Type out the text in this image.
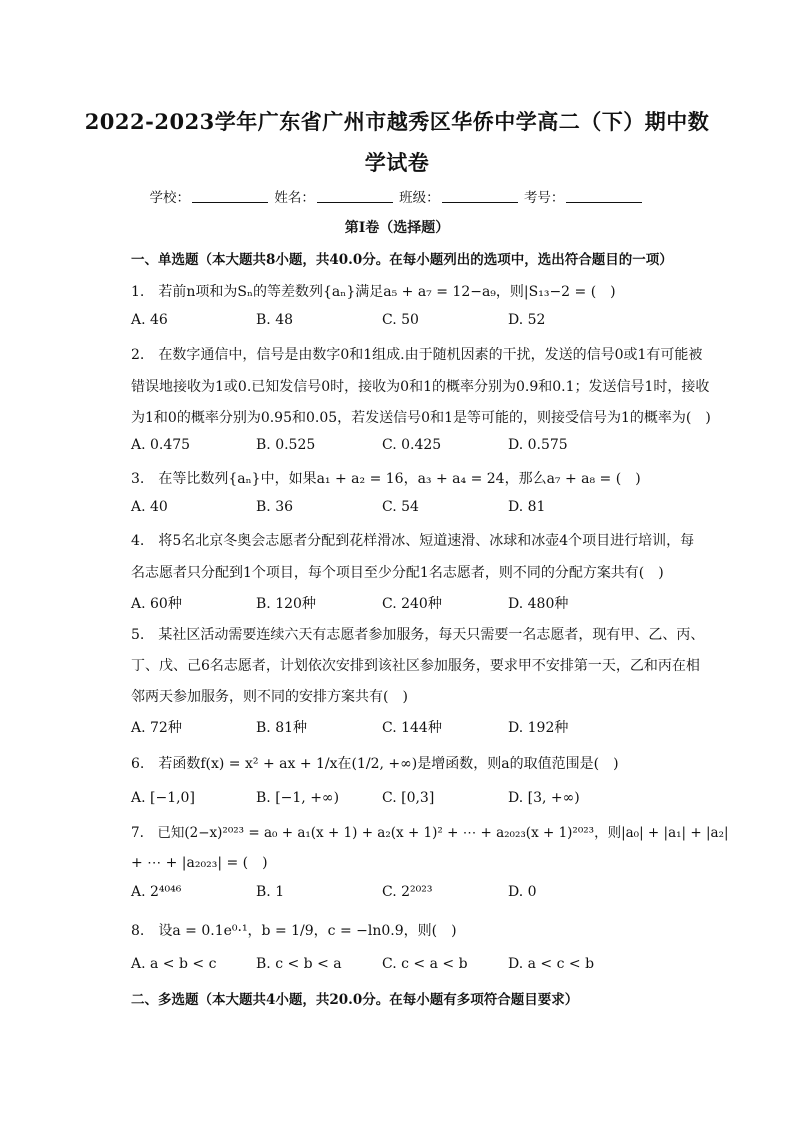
2022-2023学年广东省广州市越秀区华侨中学高二（下）期中数
学试卷
学校：	姓名：	班级：	考号：
第I卷（选择题）
一、单选题（本大题共8小题，共40.0分。在每小题列出的选项中，选出符合题目的一项）
1.　若前n项和为Sₙ的等差数列{aₙ}满足a₅ + a₇ = 12−a₉，则|S₁₃−2 = (　)
A. 46	B. 48	C. 50	D. 52
2.　在数字通信中，信号是由数字0和1组成.由于随机因素的干扰，发送的信号0或1有可能被
错误地接收为1或0.已知发信号0时，接收为0和1的概率分别为0.9和0.1；发送信号1时，接收
为1和0的概率分别为0.95和0.05，若发送信号0和1是等可能的，则接受信号为1的概率为(　)
A. 0.475	B. 0.525	C. 0.425	D. 0.575
3.　在等比数列{aₙ}中，如果a₁ + a₂ = 16，a₃ + a₄ = 24，那么a₇ + a₈ = (　)
A. 40	B. 36	C. 54	D. 81
4.　将5名北京冬奥会志愿者分配到花样滑冰、短道速滑、冰球和冰壶4个项目进行培训，每
名志愿者只分配到1个项目，每个项目至少分配1名志愿者，则不同的分配方案共有(　)
A. 60种	B. 120种	C. 240种	D. 480种
5.　某社区活动需要连续六天有志愿者参加服务，每天只需要一名志愿者，现有甲、乙、丙、
丁、戊、己6名志愿者，计划依次安排到该社区参加服务，要求甲不安排第一天，乙和丙在相
邻两天参加服务，则不同的安排方案共有(　)
A. 72种	B. 81种	C. 144种	D. 192种
6.　若函数f(x) = x² + ax + 1/x在(1/2, +∞)是增函数，则a的取值范围是(　)
A. [−1,0]	B. [−1, +∞)	C. [0,3]	D. [3, +∞)
7.　已知(2−x)²⁰²³ = a₀ + a₁(x + 1) + a₂(x + 1)² + ⋯ + a₂₀₂₃(x + 1)²⁰²³，则|a₀| + |a₁| + |a₂|
+ ⋯ + |a₂₀₂₃| = (　)
A. 2⁴⁰⁴⁶	B. 1	C. 2²⁰²³	D. 0
8.　设a = 0.1e⁰·¹，b = 1/9，c = −ln0.9，则(　)
A. a < b < c	B. c < b < a	C. c < a < b	D. a < c < b
二、多选题（本大题共4小题，共20.0分。在每小题有多项符合题目要求）
